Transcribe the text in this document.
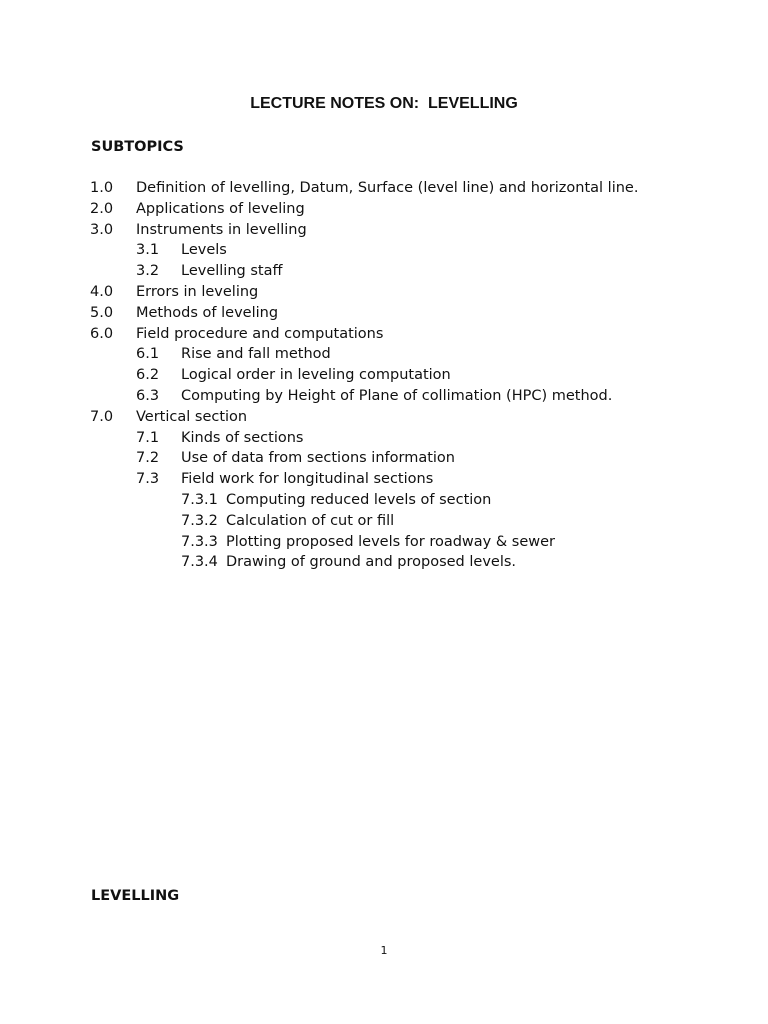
LECTURE NOTES ON:  LEVELLING
SUBTOPICS
1.0 Definition of levelling, Datum, Surface (level line) and horizontal line.
2.0 Applications of leveling
3.0 Instruments in levelling
3.1 Levels
3.2 Levelling staff
4.0 Errors in leveling
5.0 Methods of leveling
6.0 Field procedure and computations
6.1 Rise and fall method
6.2 Logical order in leveling computation
6.3 Computing by Height of Plane of collimation (HPC) method.
7.0 Vertical section
7.1 Kinds of sections
7.2 Use of data from sections information
7.3 Field work for longitudinal sections
7.3.1 Computing reduced levels of section
7.3.2 Calculation of cut or fill
7.3.3 Plotting proposed levels for roadway & sewer
7.3.4 Drawing of ground and proposed levels.
LEVELLING
1
